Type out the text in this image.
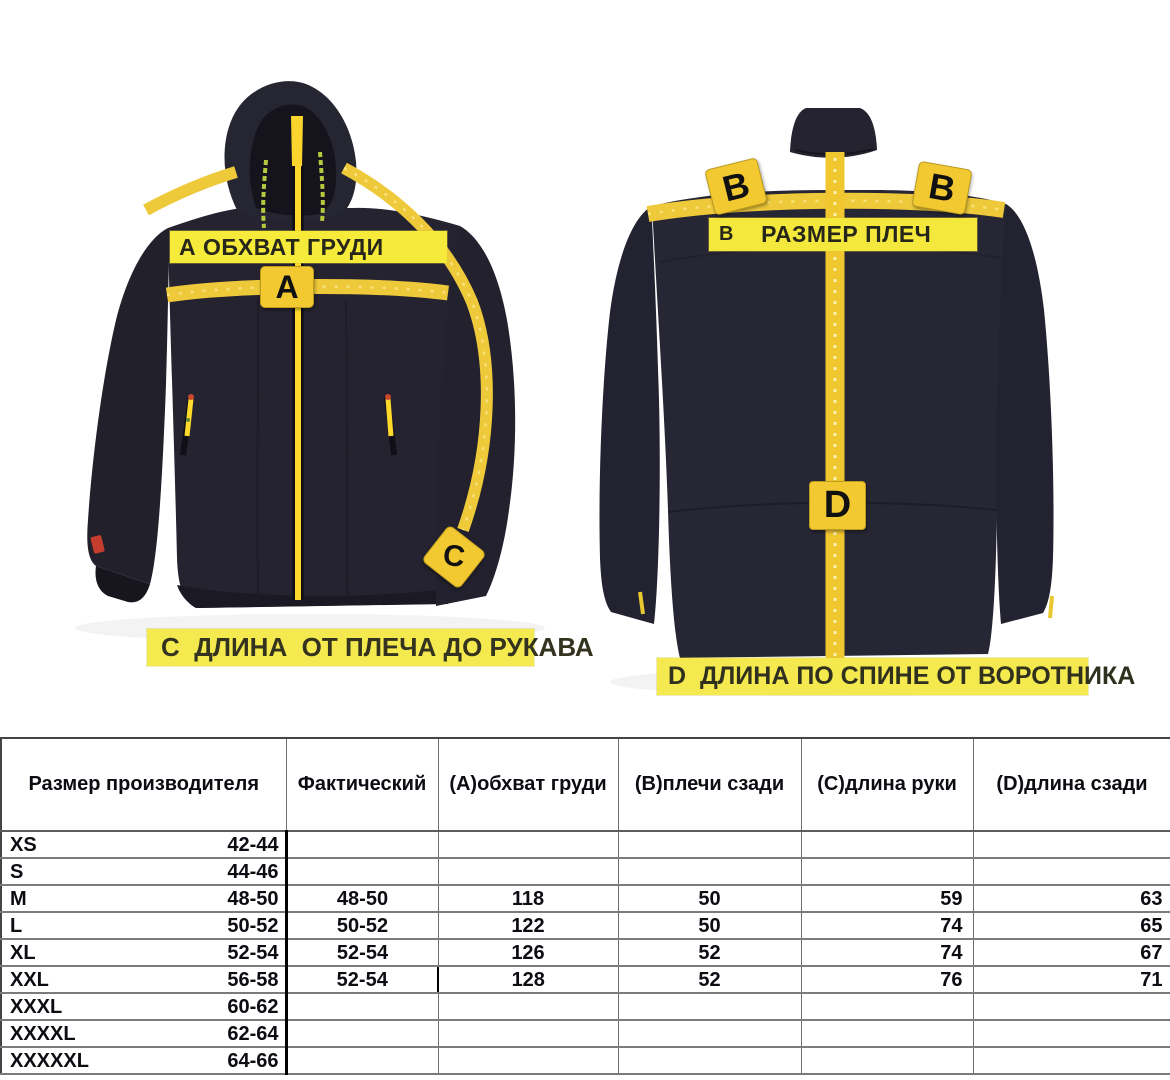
А ОБХВАТ ГРУДИ	В	РАЗМЕР ПЛЕЧ
С  ДЛИНА  ОТ ПЛЕЧА ДО РУКАВА
D  ДЛИНА ПО СПИНЕ ОТ ВОРОТНИКА
A
B	B
C
D
Размер производителя	Фактический	(А)обхват груди	(В)плечи сзади	(С)длина руки	(D)длина сзади

XS 42-44					

S 44-46					

M 48-50	48-50	118	50	59	63

L 50-52	50-52	122	50	74	65

XL 52-54	52-54	126	52	74	67

XXL 56-58	52-54	128	52	76	71

XXXL 60-62					

XXXXL 62-64					

XXXXXL 64-66					
